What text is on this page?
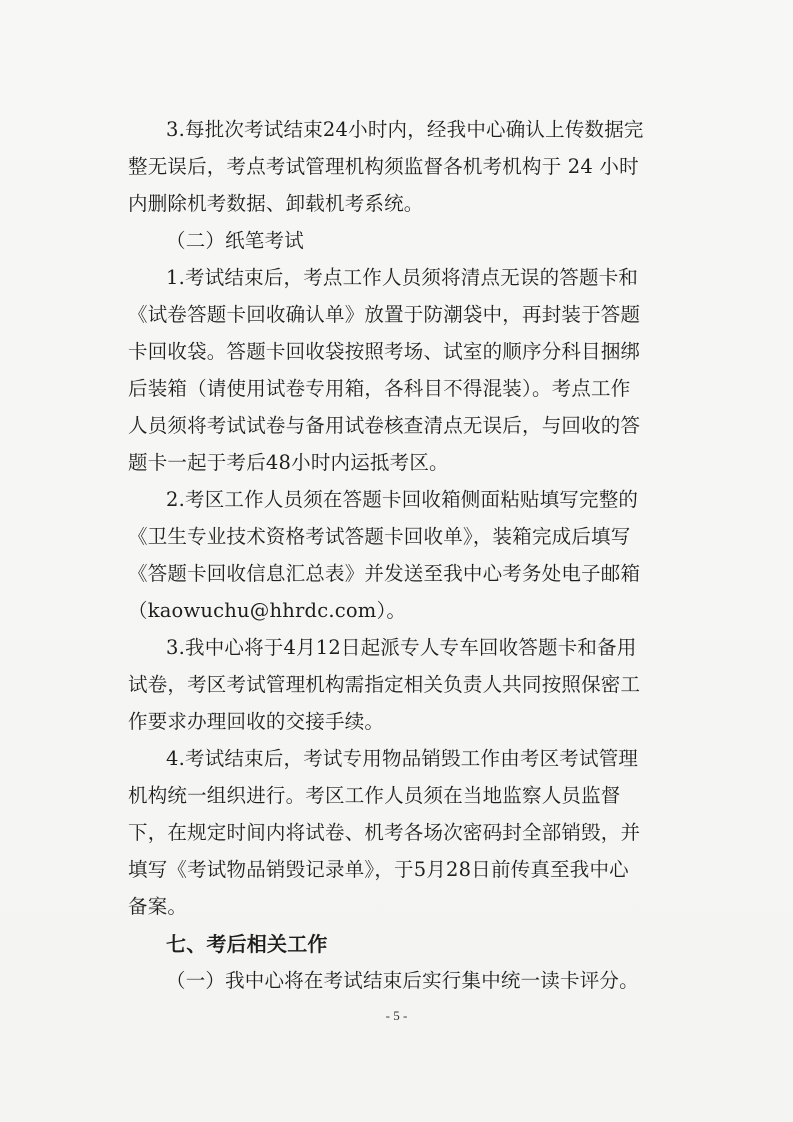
3.每批次考试结束24小时内，经我中心确认上传数据完
整无误后，考点考试管理机构须监督各机考机构于 24 小时
内删除机考数据、卸载机考系统。
（二）纸笔考试
1.考试结束后，考点工作人员须将清点无误的答题卡和
《试卷答题卡回收确认单》放置于防潮袋中，再封装于答题
卡回收袋。答题卡回收袋按照考场、试室的顺序分科目捆绑
后装箱（请使用试卷专用箱，各科目不得混装）。考点工作
人员须将考试试卷与备用试卷核查清点无误后，与回收的答
题卡一起于考后48小时内运抵考区。
2.考区工作人员须在答题卡回收箱侧面粘贴填写完整的
《卫生专业技术资格考试答题卡回收单》，装箱完成后填写
《答题卡回收信息汇总表》并发送至我中心考务处电子邮箱
（kaowuchu@hhrdc.com）。
3.我中心将于4月12日起派专人专车回收答题卡和备用
试卷，考区考试管理机构需指定相关负责人共同按照保密工
作要求办理回收的交接手续。
4.考试结束后，考试专用物品销毁工作由考区考试管理
机构统一组织进行。考区工作人员须在当地监察人员监督
下，在规定时间内将试卷、机考各场次密码封全部销毁，并
填写《考试物品销毁记录单》，于5月28日前传真至我中心
备案。
七、考后相关工作
（一）我中心将在考试结束后实行集中统一读卡评分。
- 5 -
